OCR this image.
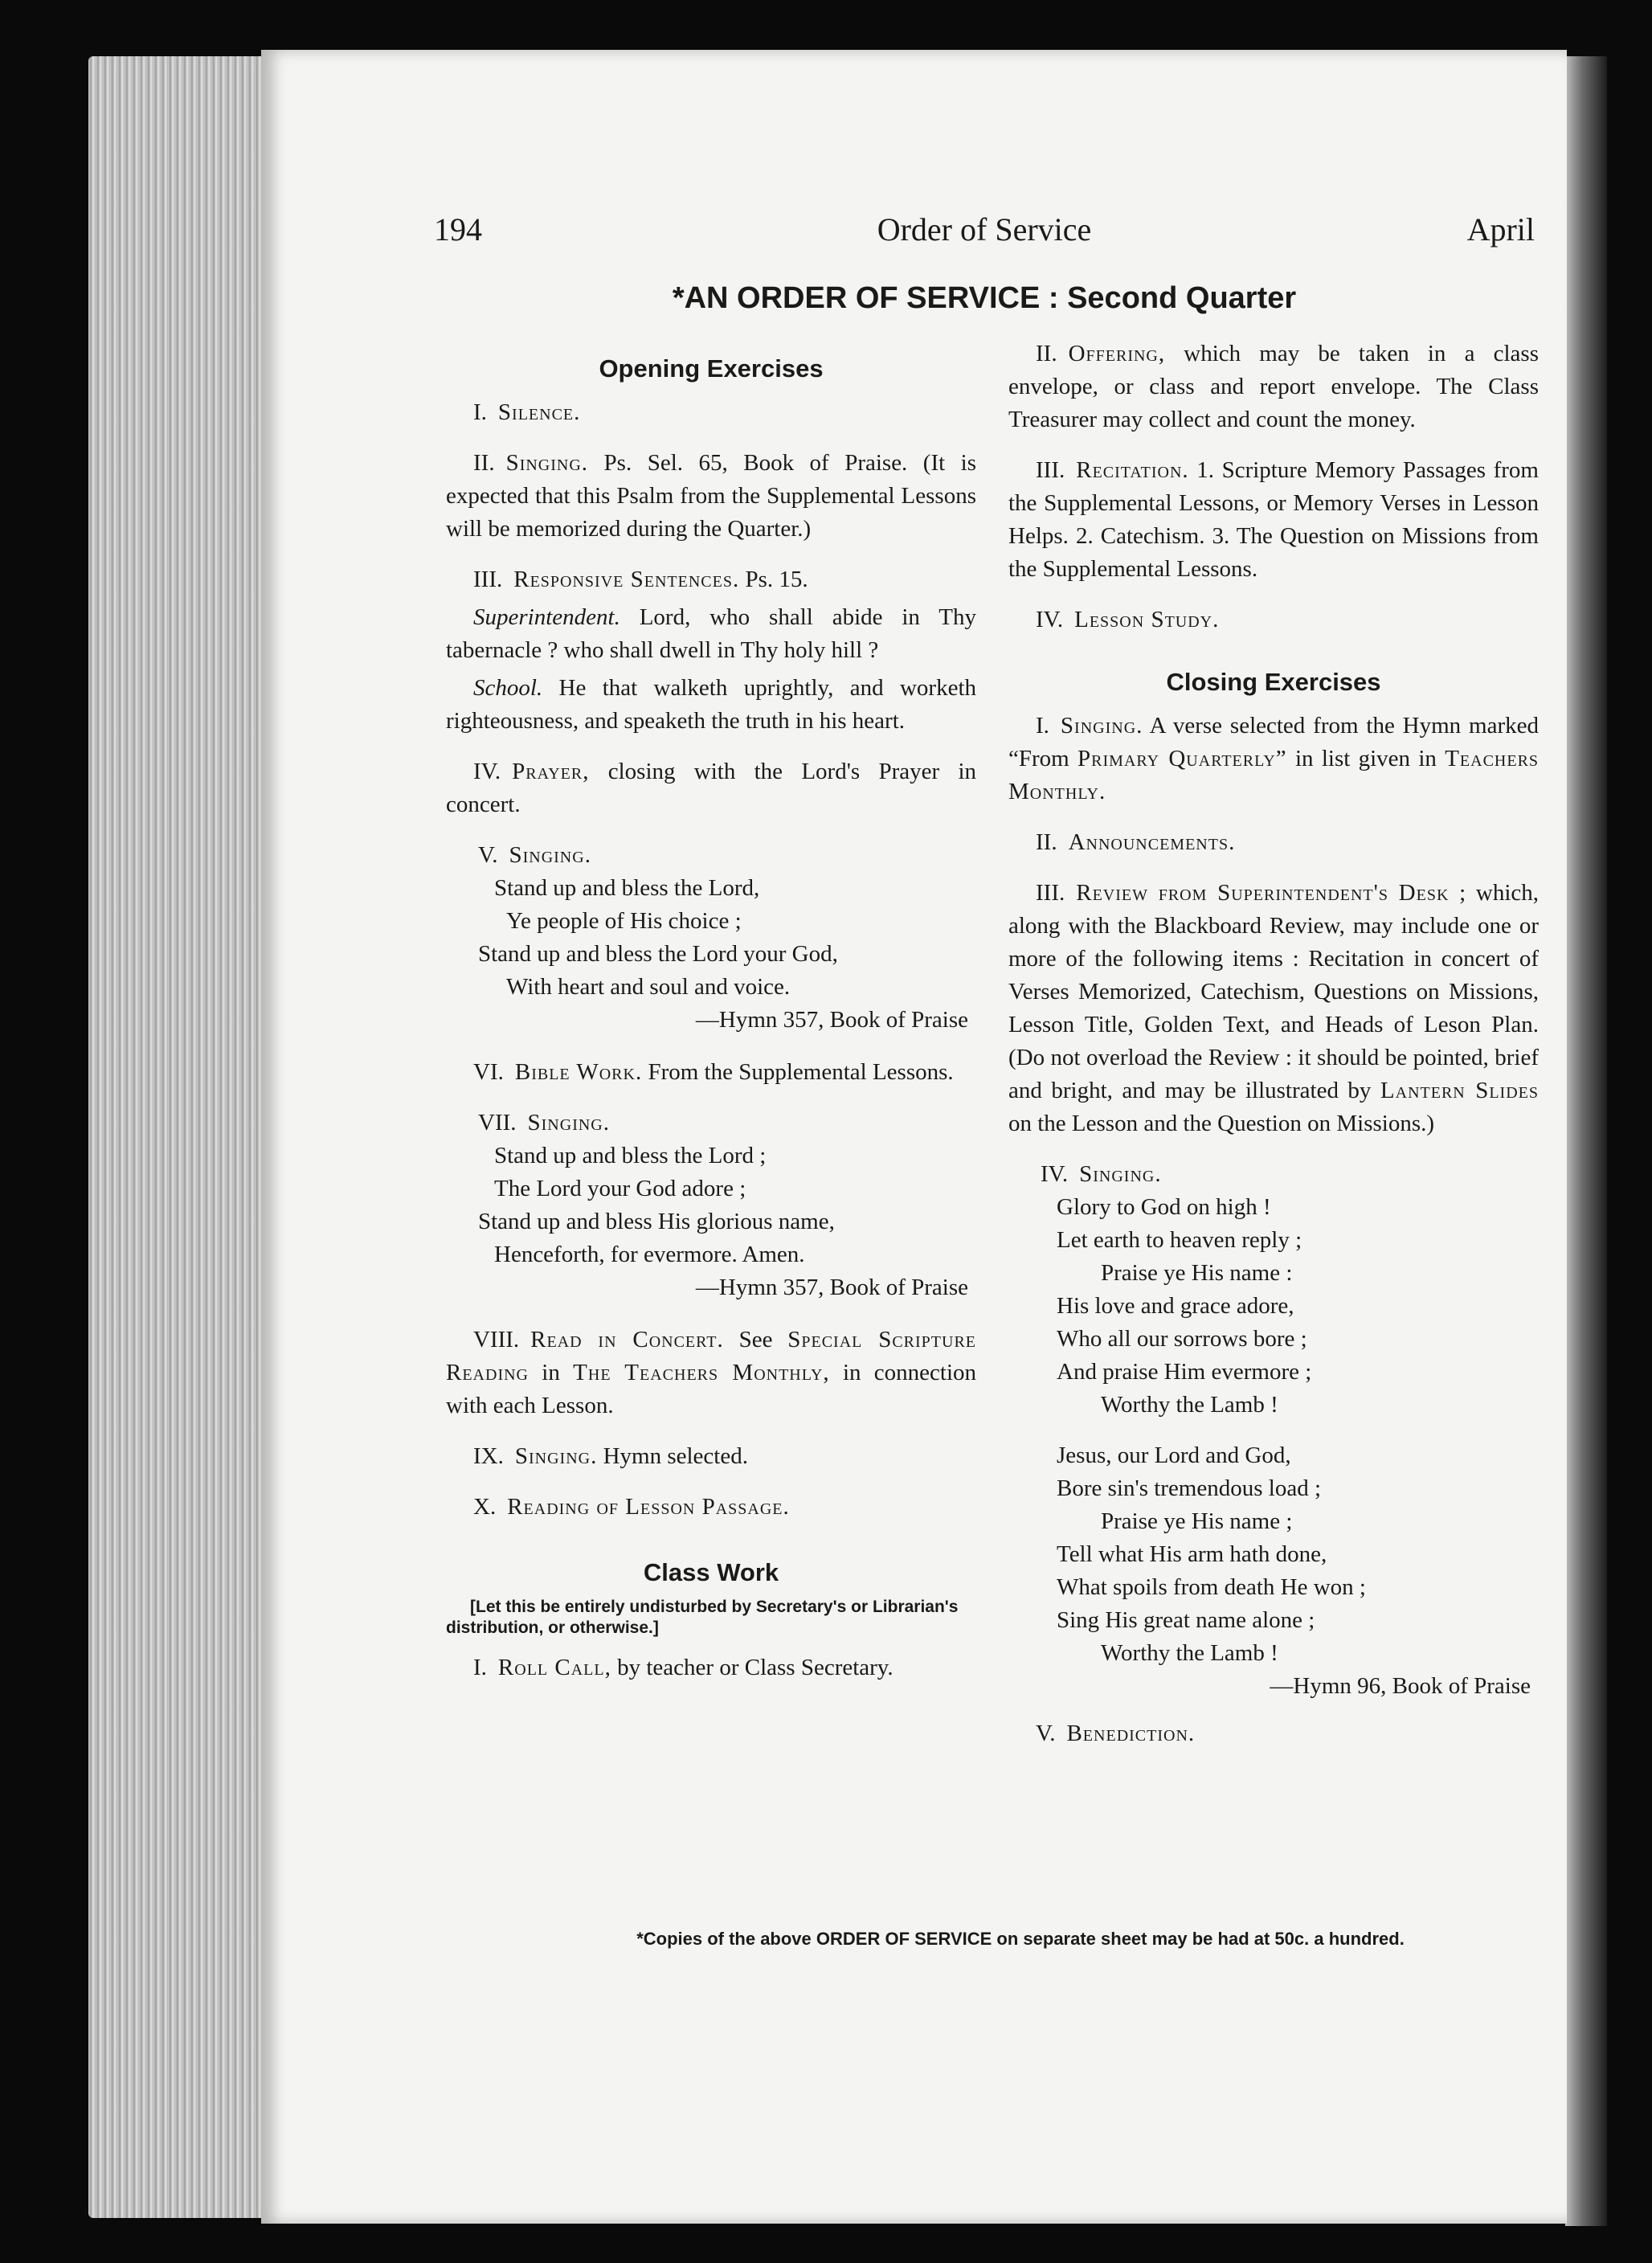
194	Order of Service	April
*AN ORDER OF SERVICE : Second Quarter
Opening Exercises

I. Silence.

II. Singing. Ps. Sel. 65, Book of Praise. (It is expected that this Psalm from the Supplemental Lessons will be memorized during the Quarter.)

III. Responsive Sentences. Ps. 15.

Superintendent. Lord, who shall abide in Thy tabernacle ? who shall dwell in Thy holy hill ?

School. He that walketh uprightly, and worketh righteousness, and speaketh the truth in his heart.

IV. Prayer, closing with the Lord's Prayer in concert.

V. Singing.
Stand up and bless the Lord,
Ye people of His choice ;
Stand up and bless the Lord your God,
With heart and soul and voice.
—Hymn 357, Book of Praise

VI. Bible Work. From the Supplemental Lessons.

VII. Singing.
Stand up and bless the Lord ;
The Lord your God adore ;
Stand up and bless His glorious name,
Henceforth, for evermore. Amen.
—Hymn 357, Book of Praise

VIII. Read in Concert. See Special Scripture Reading in The Teachers Monthly, in connection with each Lesson.

IX. Singing. Hymn selected.

X. Reading of Lesson Passage.

Class Work

[Let this be entirely undisturbed by Secretary's or Librarian's distribution, or otherwise.]

I. Roll Call, by teacher or Class Secretary.

II. Offering, which may be taken in a class envelope, or class and report envelope. The Class Treasurer may collect and count the money.

III. Recitation. 1. Scripture Memory Passages from the Supplemental Lessons, or Memory Verses in Lesson Helps. 2. Catechism. 3. The Question on Missions from the Supplemental Lessons.

IV. Lesson Study.

Closing Exercises

I. Singing. A verse selected from the Hymn marked “From Primary Quarterly” in list given in Teachers Monthly.

II. Announcements.

III. Review from Superintendent's Desk ; which, along with the Blackboard Review, may include one or more of the following items : Recitation in concert of Verses Memorized, Catechism, Questions on Missions, Lesson Title, Golden Text, and Heads of Leson Plan. (Do not overload the Review : it should be pointed, brief and bright, and may be illustrated by Lantern Slides on the Lesson and the Question on Missions.)

IV. Singing.
Glory to God on high !
Let earth to heaven reply ;
Praise ye His name :
His love and grace adore,
Who all our sorrows bore ;
And praise Him evermore ;
Worthy the Lamb !
Jesus, our Lord and God,
Bore sin's tremendous load ;
Praise ye His name ;
Tell what His arm hath done,
What spoils from death He won ;
Sing His great name alone ;
Worthy the Lamb !
—Hymn 96, Book of Praise

V. Benediction.

*Copies of the above ORDER OF SERVICE on separate sheet may be had at 50c. a hundred.
